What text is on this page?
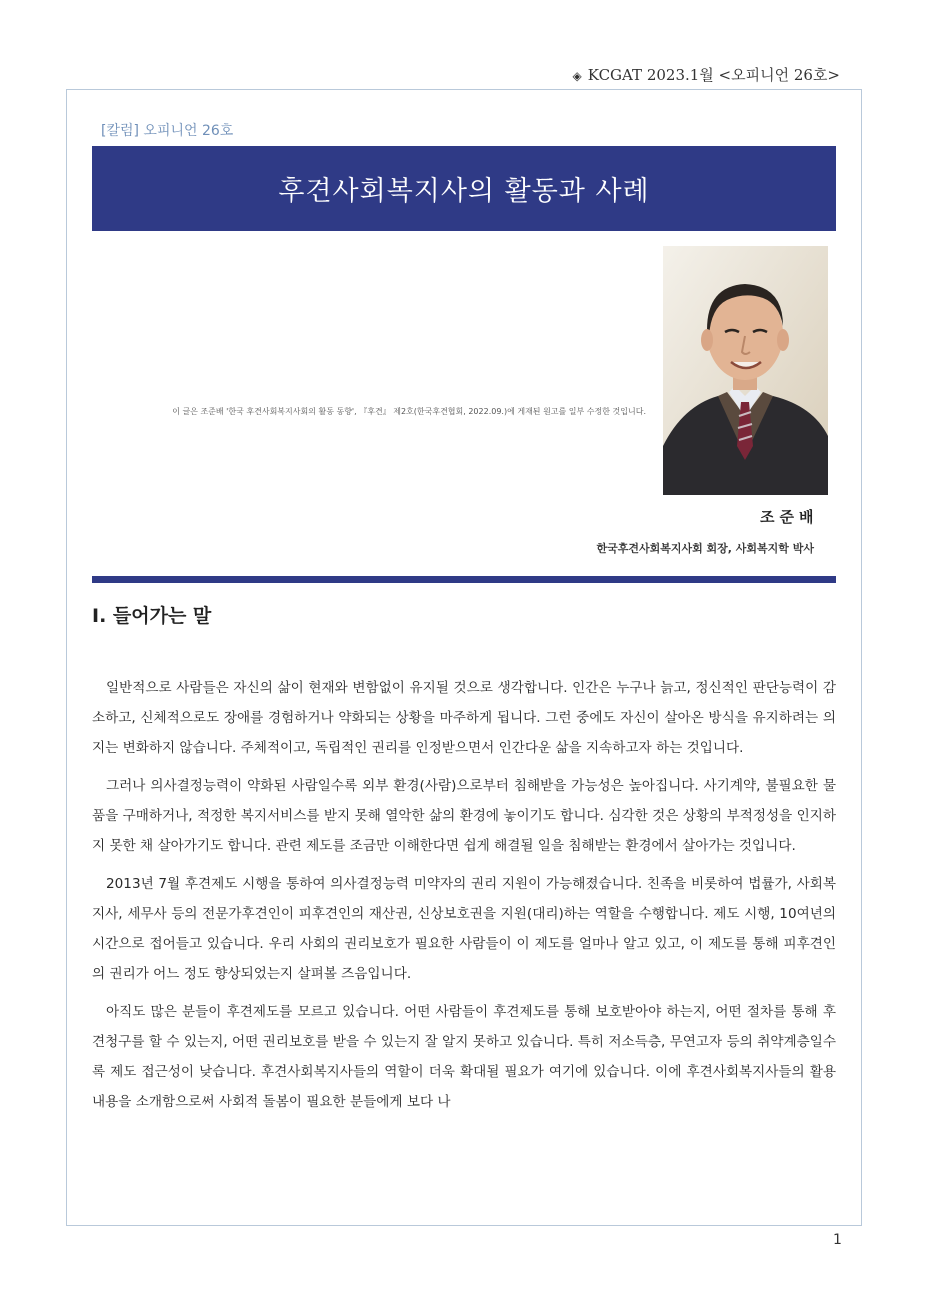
◈ KCGAT 2023.1월 <오피니언 26호>
[칼럼] 오피니언 26호
후견사회복지사의 활동과 사례
이 글은 조준배 '한국 후견사회복지사회의 활동 동향', 『후견』 제2호(한국후견협회, 2022.09.)에 게재된 원고를 일부 수정한 것입니다.
조준배
한국후견사회복지사회 회장, 사회복지학 박사
Ⅰ. 들어가는 말

일반적으로 사람들은 자신의 삶이 현재와 변함없이 유지될 것으로 생각합니다. 인간은 누구나 늙고, 정신적인 판단능력이 감소하고, 신체적으로도 장애를 경험하거나 약화되는 상황을 마주하게 됩니다. 그런 중에도 자신이 살아온 방식을 유지하려는 의지는 변화하지 않습니다. 주체적이고, 독립적인 권리를 인정받으면서 인간다운 삶을 지속하고자 하는 것입니다.

그러나 의사결정능력이 약화된 사람일수록 외부 환경(사람)으로부터 침해받을 가능성은 높아집니다. 사기계약, 불필요한 물품을 구매하거나, 적정한 복지서비스를 받지 못해 열악한 삶의 환경에 놓이기도 합니다. 심각한 것은 상황의 부적정성을 인지하지 못한 채 살아가기도 합니다. 관련 제도를 조금만 이해한다면 쉽게 해결될 일을 침해받는 환경에서 살아가는 것입니다.

2013년 7월 후견제도 시행을 통하여 의사결정능력 미약자의 권리 지원이 가능해졌습니다. 친족을 비롯하여 법률가, 사회복지사, 세무사 등의 전문가후견인이 피후견인의 재산권, 신상보호권을 지원(대리)하는 역할을 수행합니다. 제도 시행, 10여년의 시간으로 접어들고 있습니다. 우리 사회의 권리보호가 필요한 사람들이 이 제도를 얼마나 알고 있고, 이 제도를 통해 피후견인의 권리가 어느 정도 향상되었는지 살펴볼 즈음입니다.

아직도 많은 분들이 후견제도를 모르고 있습니다. 어떤 사람들이 후견제도를 통해 보호받아야 하는지, 어떤 절차를 통해 후견청구를 할 수 있는지, 어떤 권리보호를 받을 수 있는지 잘 알지 못하고 있습니다. 특히 저소득층, 무연고자 등의 취약계층일수록 제도 접근성이 낮습니다. 후견사회복지사들의 역할이 더욱 확대될 필요가 여기에 있습니다. 이에 후견사회복지사들의 활용내용을 소개함으로써 사회적 돌봄이 필요한 분들에게 보다 나

1
